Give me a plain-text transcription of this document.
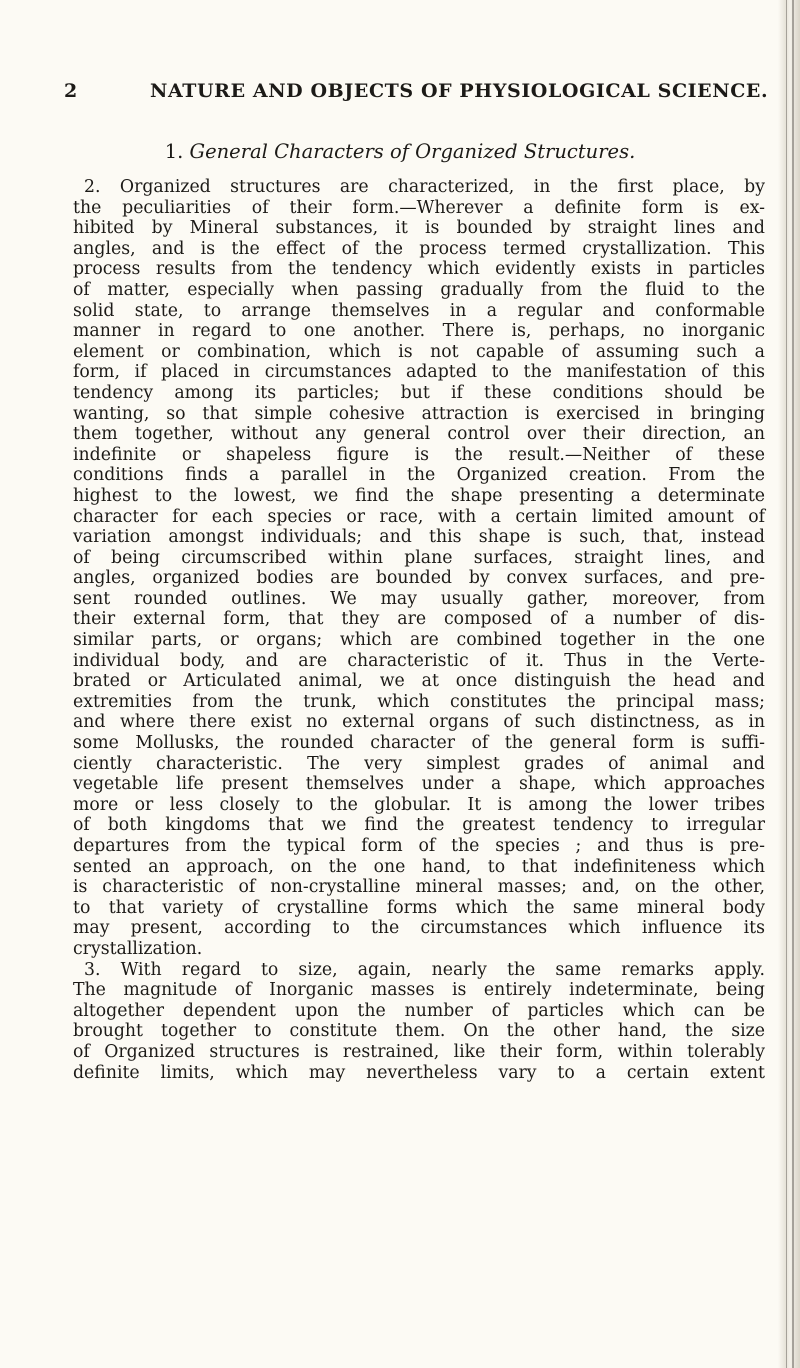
2	NATURE AND OBJECTS OF PHYSIOLOGICAL SCIENCE.
1. General Characters of Organized Structures.
2. Organized structures are characterized, in the first place, by
the peculiarities of their form.—Wherever a definite form is ex-
hibited by Mineral substances, it is bounded by straight lines and
angles, and is the effect of the process termed crystallization. This
process results from the tendency which evidently exists in particles
of matter, especially when passing gradually from the fluid to the
solid state, to arrange themselves in a regular and conformable
manner in regard to one another. There is, perhaps, no inorganic
element or combination, which is not capable of assuming such a
form, if placed in circumstances adapted to the manifestation of this
tendency among its particles; but if these conditions should be
wanting, so that simple cohesive attraction is exercised in bringing
them together, without any general control over their direction, an
indefinite or shapeless figure is the result.—Neither of these
conditions finds a parallel in the Organized creation. From the
highest to the lowest, we find the shape presenting a determinate
character for each species or race, with a certain limited amount of
variation amongst individuals; and this shape is such, that, instead
of being circumscribed within plane surfaces, straight lines, and
angles, organized bodies are bounded by convex surfaces, and pre-
sent rounded outlines. We may usually gather, moreover, from
their external form, that they are composed of a number of dis-
similar parts, or organs; which are combined together in the one
individual body, and are characteristic of it. Thus in the Verte-
brated or Articulated animal, we at once distinguish the head and
extremities from the trunk, which constitutes the principal mass;
and where there exist no external organs of such distinctness, as in
some Mollusks, the rounded character of the general form is suffi-
ciently characteristic. The very simplest grades of animal and
vegetable life present themselves under a shape, which approaches
more or less closely to the globular. It is among the lower tribes
of both kingdoms that we find the greatest tendency to irregular
departures from the typical form of the species ; and thus is pre-
sented an approach, on the one hand, to that indefiniteness which
is characteristic of non-crystalline mineral masses; and, on the other,
to that variety of crystalline forms which the same mineral body
may present, according to the circumstances which influence its
crystallization.
3. With regard to size, again, nearly the same remarks apply.
The magnitude of Inorganic masses is entirely indeterminate, being
altogether dependent upon the number of particles which can be
brought together to constitute them. On the other hand, the size
of Organized structures is restrained, like their form, within tolerably
definite limits, which may nevertheless vary to a certain extent
